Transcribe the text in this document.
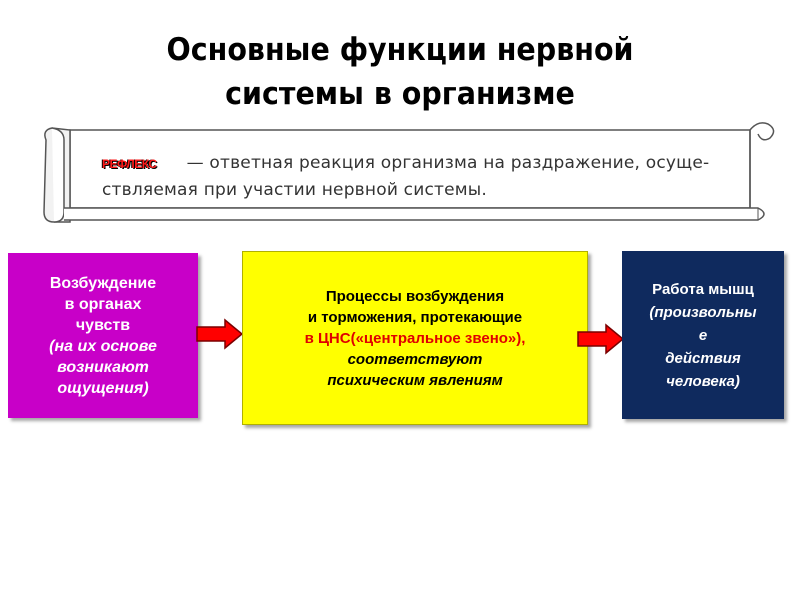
Основные функции нервной
системы в организме
РЕФЛЕКС — ответная реакция организма на раздражение, осуще-
ствляемая при участии нервной системы.
Возбуждение
в органах
чувств
(на их основе
возникают
ощущения)
Процессы возбуждения
и торможения, протекающие
в ЦНС(«центральное звено»),
соответствуют
психическим явлениям
Работа мышц
(произвольны
е
действия
человека)
